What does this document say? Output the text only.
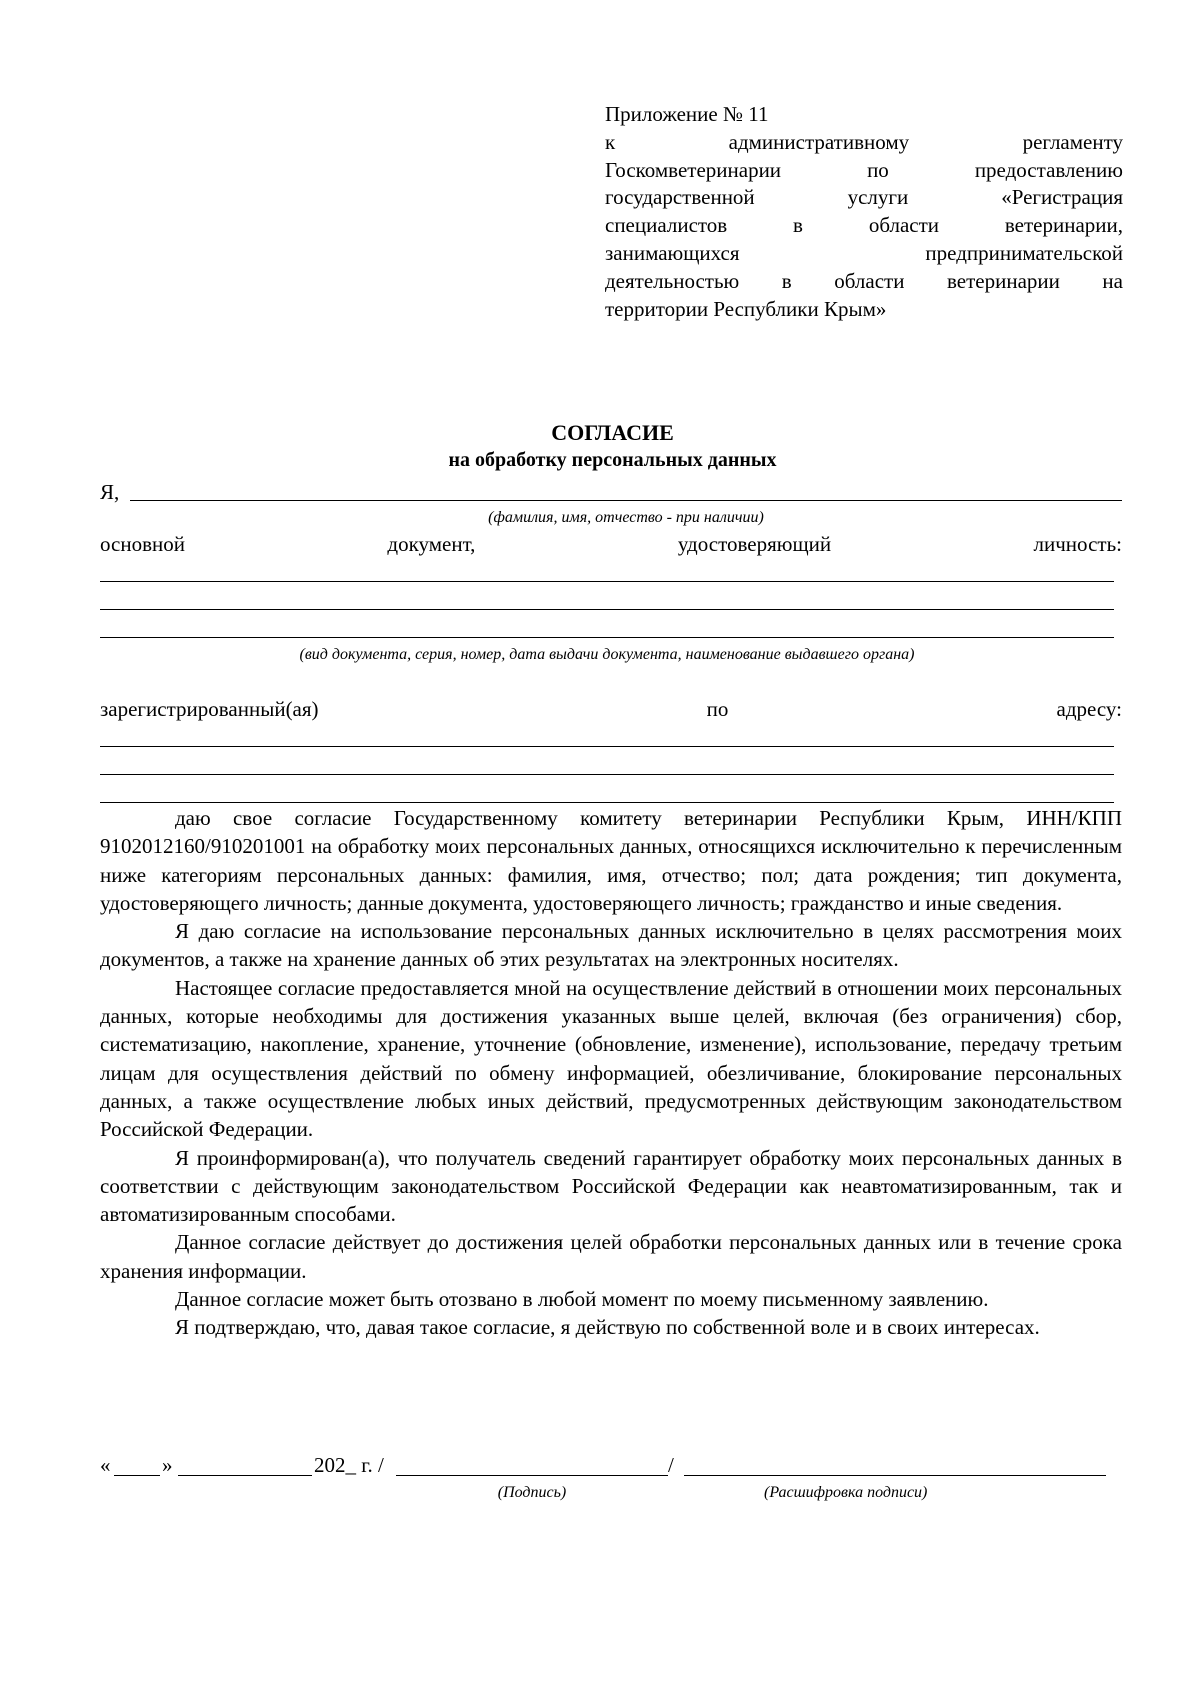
Приложение № 11
к административному регламенту
Госкомветеринарии по предоставлению
государственной услуги «Регистрация
специалистов в области ветеринарии,
занимающихся предпринимательской
деятельностью в области ветеринарии на
территории Республики Крым»
СОГЛАСИЕ
на обработку персональных данных
Я,
(фамилия, имя, отчество - при наличии)
основной	документ,	удостоверяющий	личность:
(вид документа, серия, номер, дата выдачи документа, наименование выдавшего органа)
зарегистрированный(ая)	по	адресу:

даю свое согласие Государственному комитету ветеринарии Республики Крым, ИНН/КПП 9102012160/910201001 на обработку моих персональных данных, относящихся исключительно к перечисленным ниже категориям персональных данных: фамилия, имя, отчество; пол; дата рождения; тип документа, удостоверяющего личность; данные документа, удостоверяющего личность; гражданство и иные сведения.

Я даю согласие на использование персональных данных исключительно в целях рассмотрения моих документов, а также на хранение данных об этих результатах на электронных носителях.

Настоящее согласие предоставляется мной на осуществление действий в отношении моих персональных данных, которые необходимы для достижения указанных выше целей, включая (без ограничения) сбор, систематизацию, накопление, хранение, уточнение (обновление, изменение), использование, передачу третьим лицам для осуществления действий по обмену информацией, обезличивание, блокирование персональных данных, а также осуществление любых иных действий, предусмотренных действующим законодательством Российской Федерации.

Я проинформирован(а), что получатель сведений гарантирует обработку моих персональных данных в соответствии с действующим законодательством Российской Федерации как неавтоматизированным, так и автоматизированным способами.

Данное согласие действует до достижения целей обработки персональных данных или в течение срока хранения информации.

Данное согласие может быть отозвано в любой момент по моему письменному заявлению.

Я подтверждаю, что, давая такое согласие, я действую по собственной воле и в своих интересах.

« »	202_ г. /	/
(Подпись)	(Расшифровка подписи)
